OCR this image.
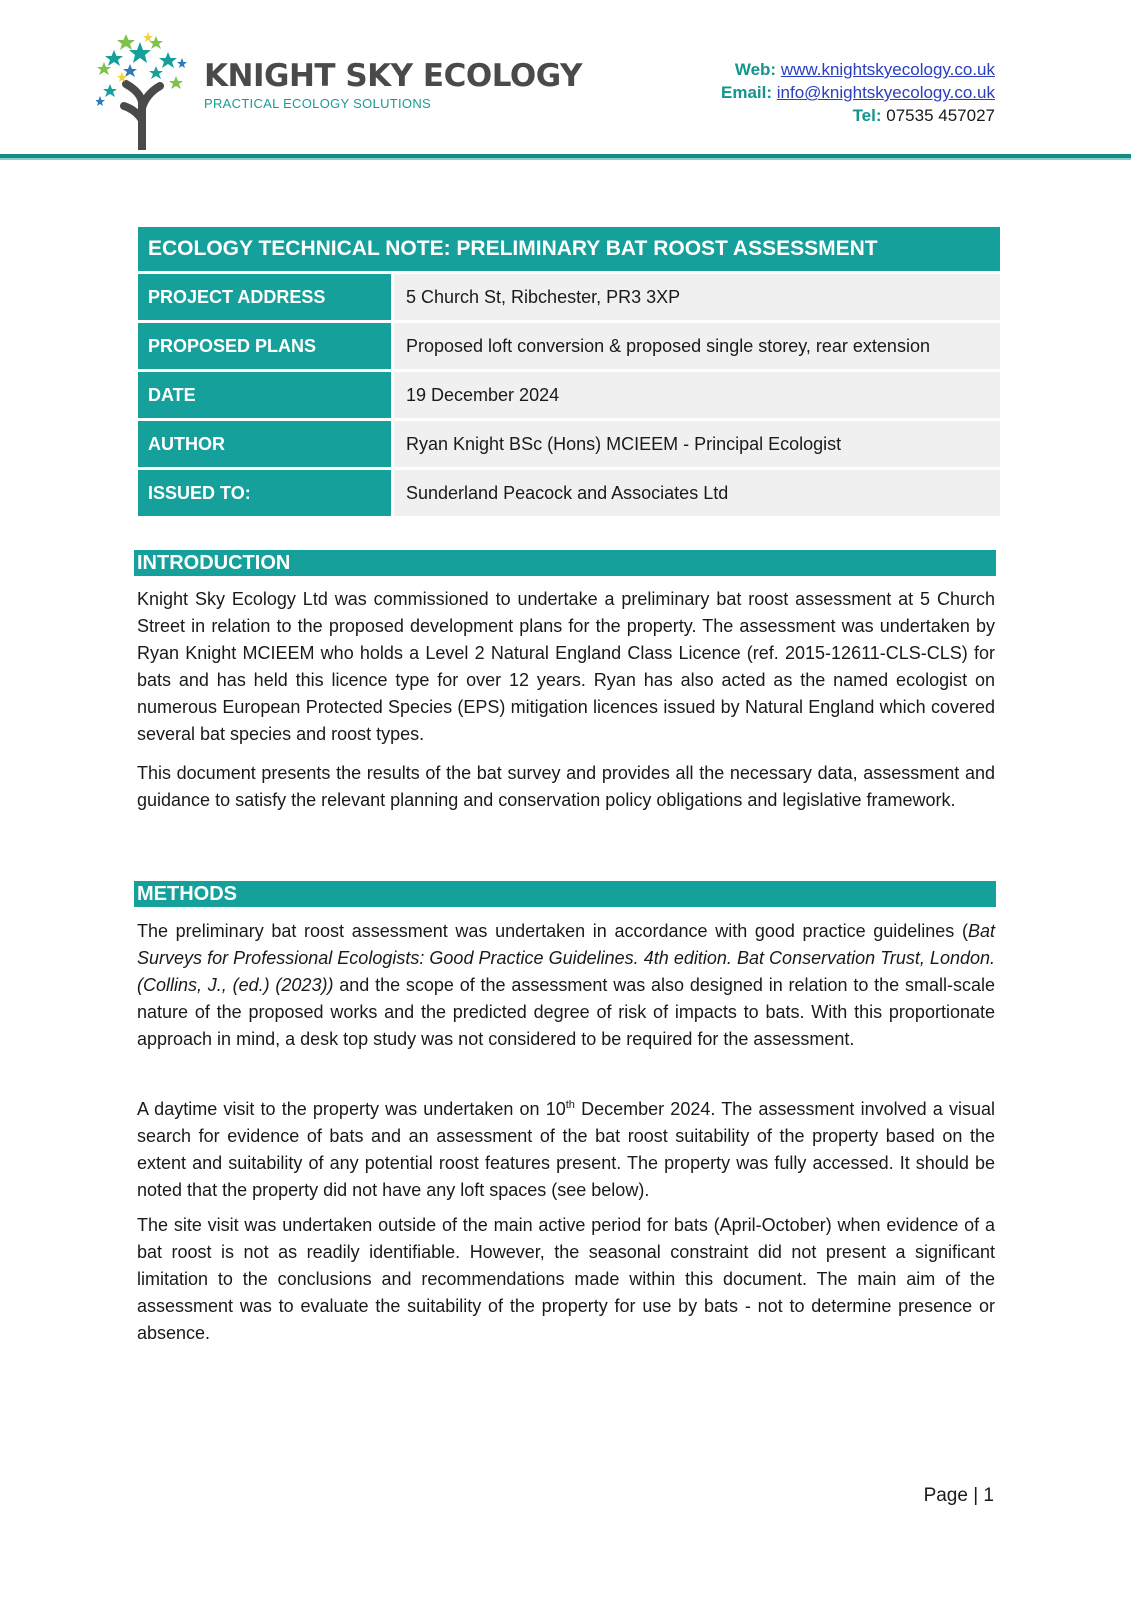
KNIGHT SKY ECOLOGY
PRACTICAL ECOLOGY SOLUTIONS
Web: www.knightskyecology.co.uk
Email: info@knightskyecology.co.uk
Tel: 07535 457027
ECOLOGY TECHNICAL NOTE: PRELIMINARY BAT ROOST ASSESSMENT	
PROJECT ADDRESS	5 Church St, Ribchester, PR3 3XP
PROPOSED PLANS	Proposed loft conversion & proposed single storey, rear extension
DATE	19 December 2024
AUTHOR	Ryan Knight BSc (Hons) MCIEEM - Principal Ecologist
ISSUED TO:	Sunderland Peacock and Associates Ltd
INTRODUCTION

Knight Sky Ecology Ltd was commissioned to undertake a preliminary bat roost assessment at 5 Church Street in relation to the proposed development plans for the property. The assessment was undertaken by Ryan Knight MCIEEM who holds a Level 2 Natural England Class Licence (ref. 2015-12611-CLS-CLS) for bats and has held this licence type for over 12 years. Ryan has also acted as the named ecologist on numerous European Protected Species (EPS) mitigation licences issued by Natural England which covered several bat species and roost types.

This document presents the results of the bat survey and provides all the necessary data, assessment and guidance to satisfy the relevant planning and conservation policy obligations and legislative framework.

METHODS

The preliminary bat roost assessment was undertaken in accordance with good practice guidelines (Bat Surveys for Professional Ecologists: Good Practice Guidelines. 4th edition. Bat Conservation Trust, London. (Collins, J., (ed.) (2023)) and the scope of the assessment was also designed in relation to the small-scale nature of the proposed works and the predicted degree of risk of impacts to bats. With this proportionate approach in mind, a desk top study was not considered to be required for the assessment.

A daytime visit to the property was undertaken on 10th December 2024. The assessment involved a visual search for evidence of bats and an assessment of the bat roost suitability of the property based on the extent and suitability of any potential roost features present. The property was fully accessed. It should be noted that the property did not have any loft spaces (see below).

The site visit was undertaken outside of the main active period for bats (April-October) when evidence of a bat roost is not as readily identifiable. However, the seasonal constraint did not present a significant limitation to the conclusions and recommendations made within this document. The main aim of the assessment was to evaluate the suitability of the property for use by bats - not to determine presence or absence.

Page | 1
